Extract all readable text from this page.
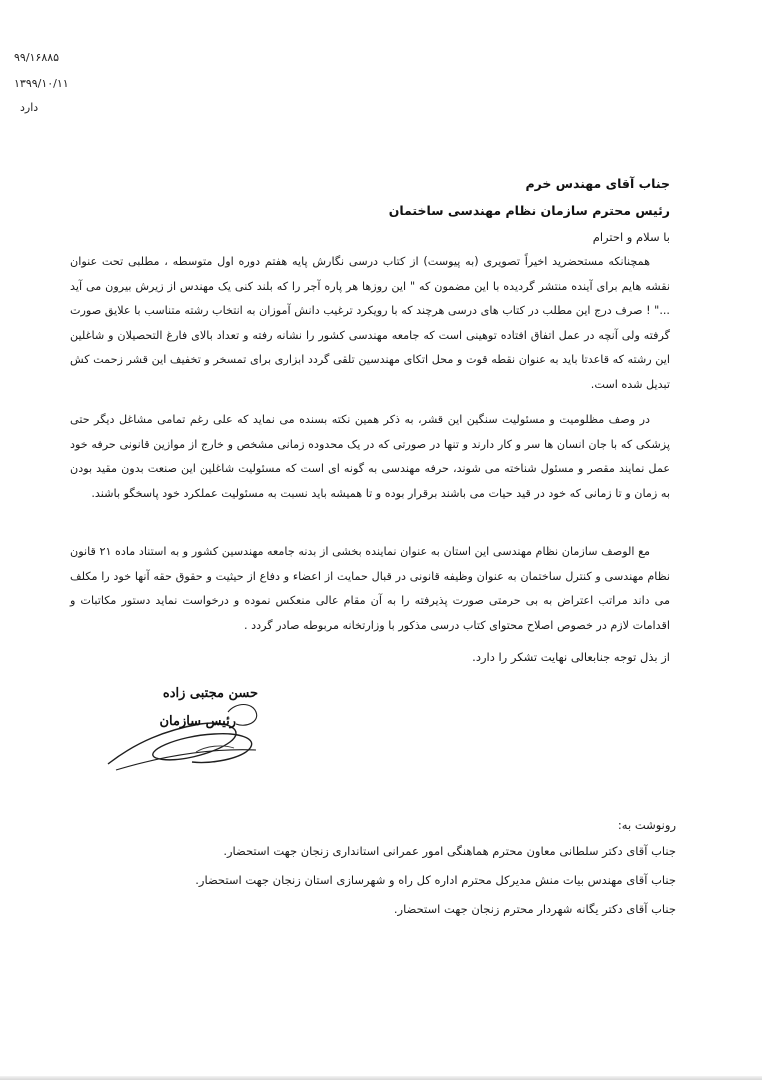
۹۹/۱۶۸۸۵
۱۳۹۹/۱۰/۱۱
دارد
جناب آقای مهندس خرم
رئیس محترم سازمان نظام مهندسی ساختمان
با سلام و احترام

همچنانکه مستحضرید اخیراً تصویری (به پیوست) از کتاب درسی نگارش پایه هفتم دوره اول متوسطه ، مطلبی تحت عنوان نقشه هایم برای آینده منتشر گردیده با این مضمون که " این روزها هر پاره آجر را که بلند کنی یک مهندس از زیرش بیرون می آید ..." ! صرف درج این مطلب در کتاب های درسی هرچند که با رویکرد ترغیب دانش آموزان به انتخاب رشته متناسب با علایق صورت گرفته ولی آنچه در عمل اتفاق افتاده توهینی است که جامعه مهندسی کشور را نشانه رفته و تعداد بالای فارغ التحصیلان و شاغلین این رشته که قاعدتا باید به عنوان نقطه قوت و محل اتکای مهندسین تلقی گردد ابزاری برای تمسخر و تخفیف این قشر زحمت کش تبدیل شده است.

در وصف مظلومیت و مسئولیت سنگین این قشر، به ذکر همین نکته بسنده می نماید که علی رغم تمامی مشاغل دیگر حتی پزشکی که با جان انسان ها سر و کار دارند و تنها در صورتی که در یک محدوده زمانی مشخص و خارج از موازین قانونی حرفه خود عمل نمایند مقصر و مسئول شناخته می شوند، حرفه مهندسی به گونه ای است که مسئولیت شاغلین این صنعت بدون مقید بودن به زمان و تا زمانی که خود در قید حیات می باشند برقرار بوده و تا همیشه باید نسبت به مسئولیت عملکرد خود پاسخگو باشند.

مع الوصف سازمان نظام مهندسی این استان به عنوان نماینده بخشی از بدنه جامعه مهندسین کشور و به استناد ماده ۲۱ قانون نظام مهندسی و کنترل ساختمان به عنوان وظیفه قانونی در قبال حمایت از اعضاء و دفاع از حیثیت و حقوق حقه آنها خود را مکلف می داند مراتب اعتراض به بی حرمتی صورت پذیرفته را به آن مقام عالی منعکس نموده و درخواست نماید دستور مکاتبات و اقدامات لازم در خصوص اصلاح محتوای کتاب درسی مذکور با وزارتخانه مربوطه صادر گردد .

از بذل توجه جنابعالی نهایت تشکر را دارد.
حسن مجتبی زاده
رئیس سازمان
رونوشت به:
جناب آقای دکتر سلطانی معاون محترم هماهنگی امور عمرانی استانداری زنجان جهت استحضار.
جناب آقای مهندس بیات منش مدیرکل محترم اداره کل راه و شهرسازی استان زنجان جهت استحضار.
جناب آقای دکتر یگانه شهردار محترم زنجان جهت استحضار.
